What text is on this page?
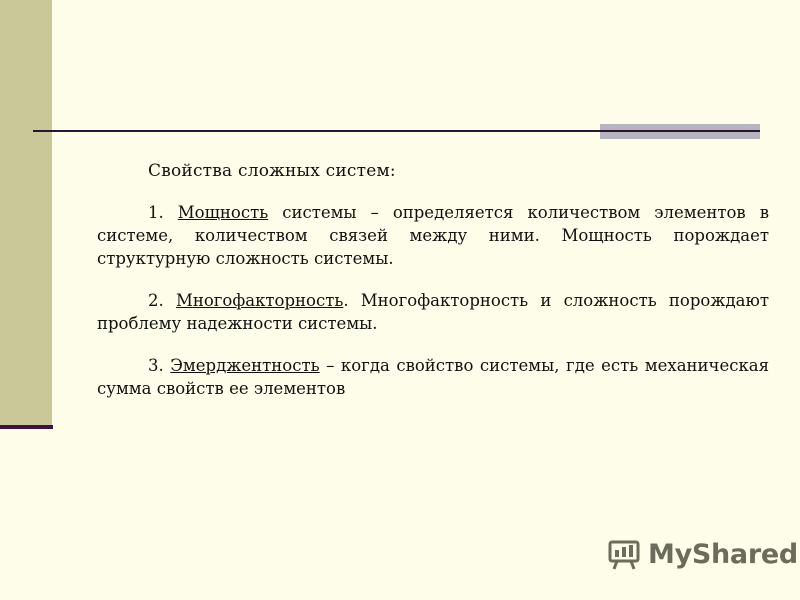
Свойства сложных систем:

1. Мощность системы – определяется количеством элементов в системе, количеством связей между ними. Мощность порождает структурную сложность системы.

2. Многофакторность. Многофакторность и сложность порождают проблему надежности системы.

3. Эмерджентность – когда свойство системы, где есть механическая сумма свойств ее элементов

MyShared
